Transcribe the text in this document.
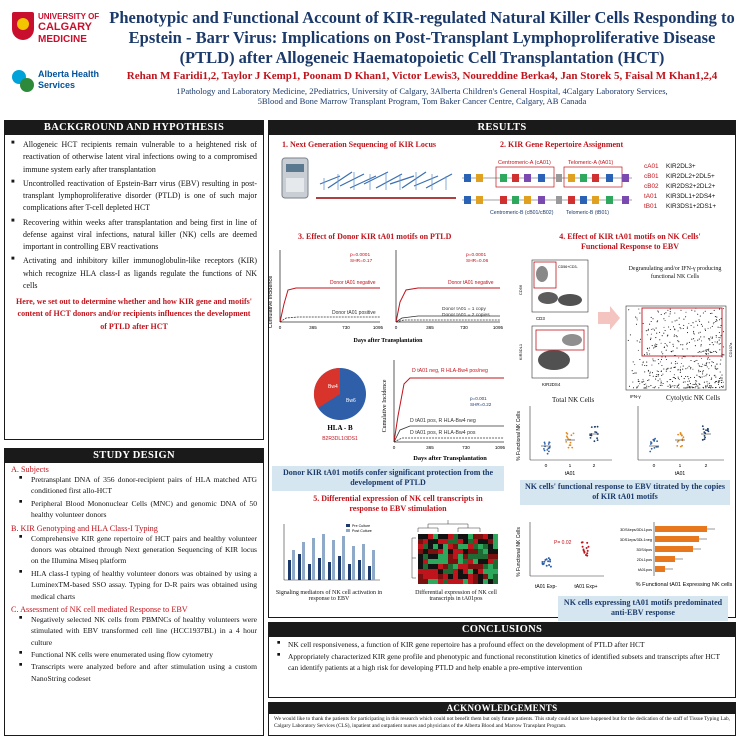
UNIVERSITY OF
CALGARY
MEDICINE
Alberta Health
Services
Phenotypic and Functional Account of KIR-regulated Natural Killer Cells Responding to Epstein - Barr Virus: Implications on Post-Transplant Lymphoproliferative Disease (PTLD) after Allogeneic Haematopoietic Cell Transplantation (HCT)
Rehan M Faridi1,2, Taylor J Kemp1, Poonam D Khan1, Victor Lewis3, Noureddine Berka4, Jan Storek 5, Faisal M Khan1,2,4
1Pathology and Laboratory Medicine, 2Pediatrics, University of Calgary, 3Alberta Children's General Hospital, 4Calgary Laboratory Services,
5Blood and Bone Marrow Transplant Program, Tom Baker Cancer Centre, Calgary, AB Canada
BACKGROUND AND HYPOTHESIS
■ Allogeneic HCT recipients remain vulnerable to a heightened risk of reactivation of otherwise latent viral infections owing to a compromised immune system early after transplantation
■ Uncontrolled reactivation of Epstein-Barr virus (EBV) resulting in post-transplant lymphoproliferative disorder (PTLD) is one of such major complications after T-cell depleted HCT
■ Recovering within weeks after transplantation and being first in line of defense against viral infections, natural killer (NK) cells are deemed important in controlling EBV reactivations
■ Activating and inhibitory killer immunoglobulin-like receptors (KIR) which recognize HLA class-I as ligands regulate the functions of NK cells
Here, we set out to determine whether and how KIR gene and motifs' content of HCT donors and/or recipients influences the development of PTLD after HCT
STUDY DESIGN
A. Subjects
■ Pretransplant DNA of 356 donor-recipient pairs of HLA matched ATG conditioned first allo-HCT
■ Peripheral Blood Mononuclear Cells (MNC) and genomic DNA of 50 healthy volunteer donors
B. KIR Genotyping and HLA Class-I Typing
■ Comprehensive KIR gene repertoire of HCT pairs and healthy volunteer donors was obtained through Next generation Sequencing of KIR locus on the Illumina Miseq platform
■ HLA class-I typing of healthy volunteer donors was obtained by using a LuminexTM-based SSO assay. Typing for D-R pairs was obtained using medical charts
C. Assessment of NK cell mediated Response to EBV
■ Negatively selected NK cells from PBMNCs of healthy volunteers were stimulated with EBV transformed cell line (HCC1937BL) in a 4 hour culture
■ Functional NK cells were enumerated using flow cytometry
■ Transcripts were analyzed before and after stimulation using a custom NanoString codeset
RESULTS
1. Next Generation Sequencing of KIR Locus	2. KIR Gene Repertoire Assignment
Centromeric-A (cA01)	Telomeric-A (tA01)
Centromeric-B (cB01/cB02) Telomeric-B (tB01)
cA01 KIR2DL3+
cB01 KIR2DL2+2DL5+
cB02 KIR2DS2+2DL2+
tA01 KIR3DL1+2DS4+
tB01 KIR3DS1+2DS1+
3. Effect of Donor KIR tA01 motifs on PTLD
Cumulative Incidence
p=0.0001
SHR=0.17
Donor tA01 negative
Donor tA01 positive
0	365	730	1095
p=0.0001
SHR=0.06
Donor tA01 negative
Donor tA01 = 1 copy
Donor tA01 = 2 copies
0	365	730	1095
Days after Transplantation
Bw4
Bw6
HLA - B
B2R3DL1/3DS1
Cumulative Incidence
D tA01 neg, R HLA-Bw4 pos/neg
p=0.001
SHR=0.22
D tA01 pos, R HLA-Bw4 neg
D tA01 pos, R HLA-Bw4 pos
0	365	730	1095
Days after Transplantation
Donor KIR tA01 motifs confer significant protection from the development of PTLD
5. Differential expression of NK cell transcripts in
response to EBV stimulation
Pre Culture
Post Culture
Signaling mediators of NK cell activation in response to EBV
Differential expression of NK cell transcripts in tA01pos
4. Effect of KIR tA01 motifs on NK Cells'
Functional Response to EBV
CD56+CD3-
CD56
CD3
KIR3DL1
KIR2DS4
CD107a
IFN-γ
Degranulating and/or IFN-γ producing functional NK Cells
Total NK Cells	Cytolytic NK Cells
% Functional NK Cells
0	1	2
tA01
0	1	2
tA01
NK cells' functional response to EBV titrated by the copies of KIR tA01 motifs
% Functional NK Cells	P= 0.02
tA01 Exp-	tA01 Exp+
3DS4eps/3DL1pos
3DS1eps/3DL1neg
3DS4pos
2DL1pos
tA01pos
% Functional tA01 Expressing NK cells
NK cells expressing tA01 motifs predominated anti-EBV response
CONCLUSIONS
■ NK cell responsiveness, a function of KIR gene repertoire has a profound effect on the development of PTLD after HCT
■ Appropriately characterized KIR gene profile and phenotypic and functional reconstitution kinetics of identified subsets and transcripts after HCT can identify patients at a high risk for developing PTLD and help enable a pre-emptive intervention
ACKNOWLEDGEMENTS
We would like to thank the patients for participating in this research which could not benefit them but only future patients. This study could not have happened but for the dedication of the staff of Tissue Typing Lab, Calgary Laboratory Services (CLS), inpatient and outpatient nurses and physicians of the Alberta Blood and Marrow Transplant Program.
